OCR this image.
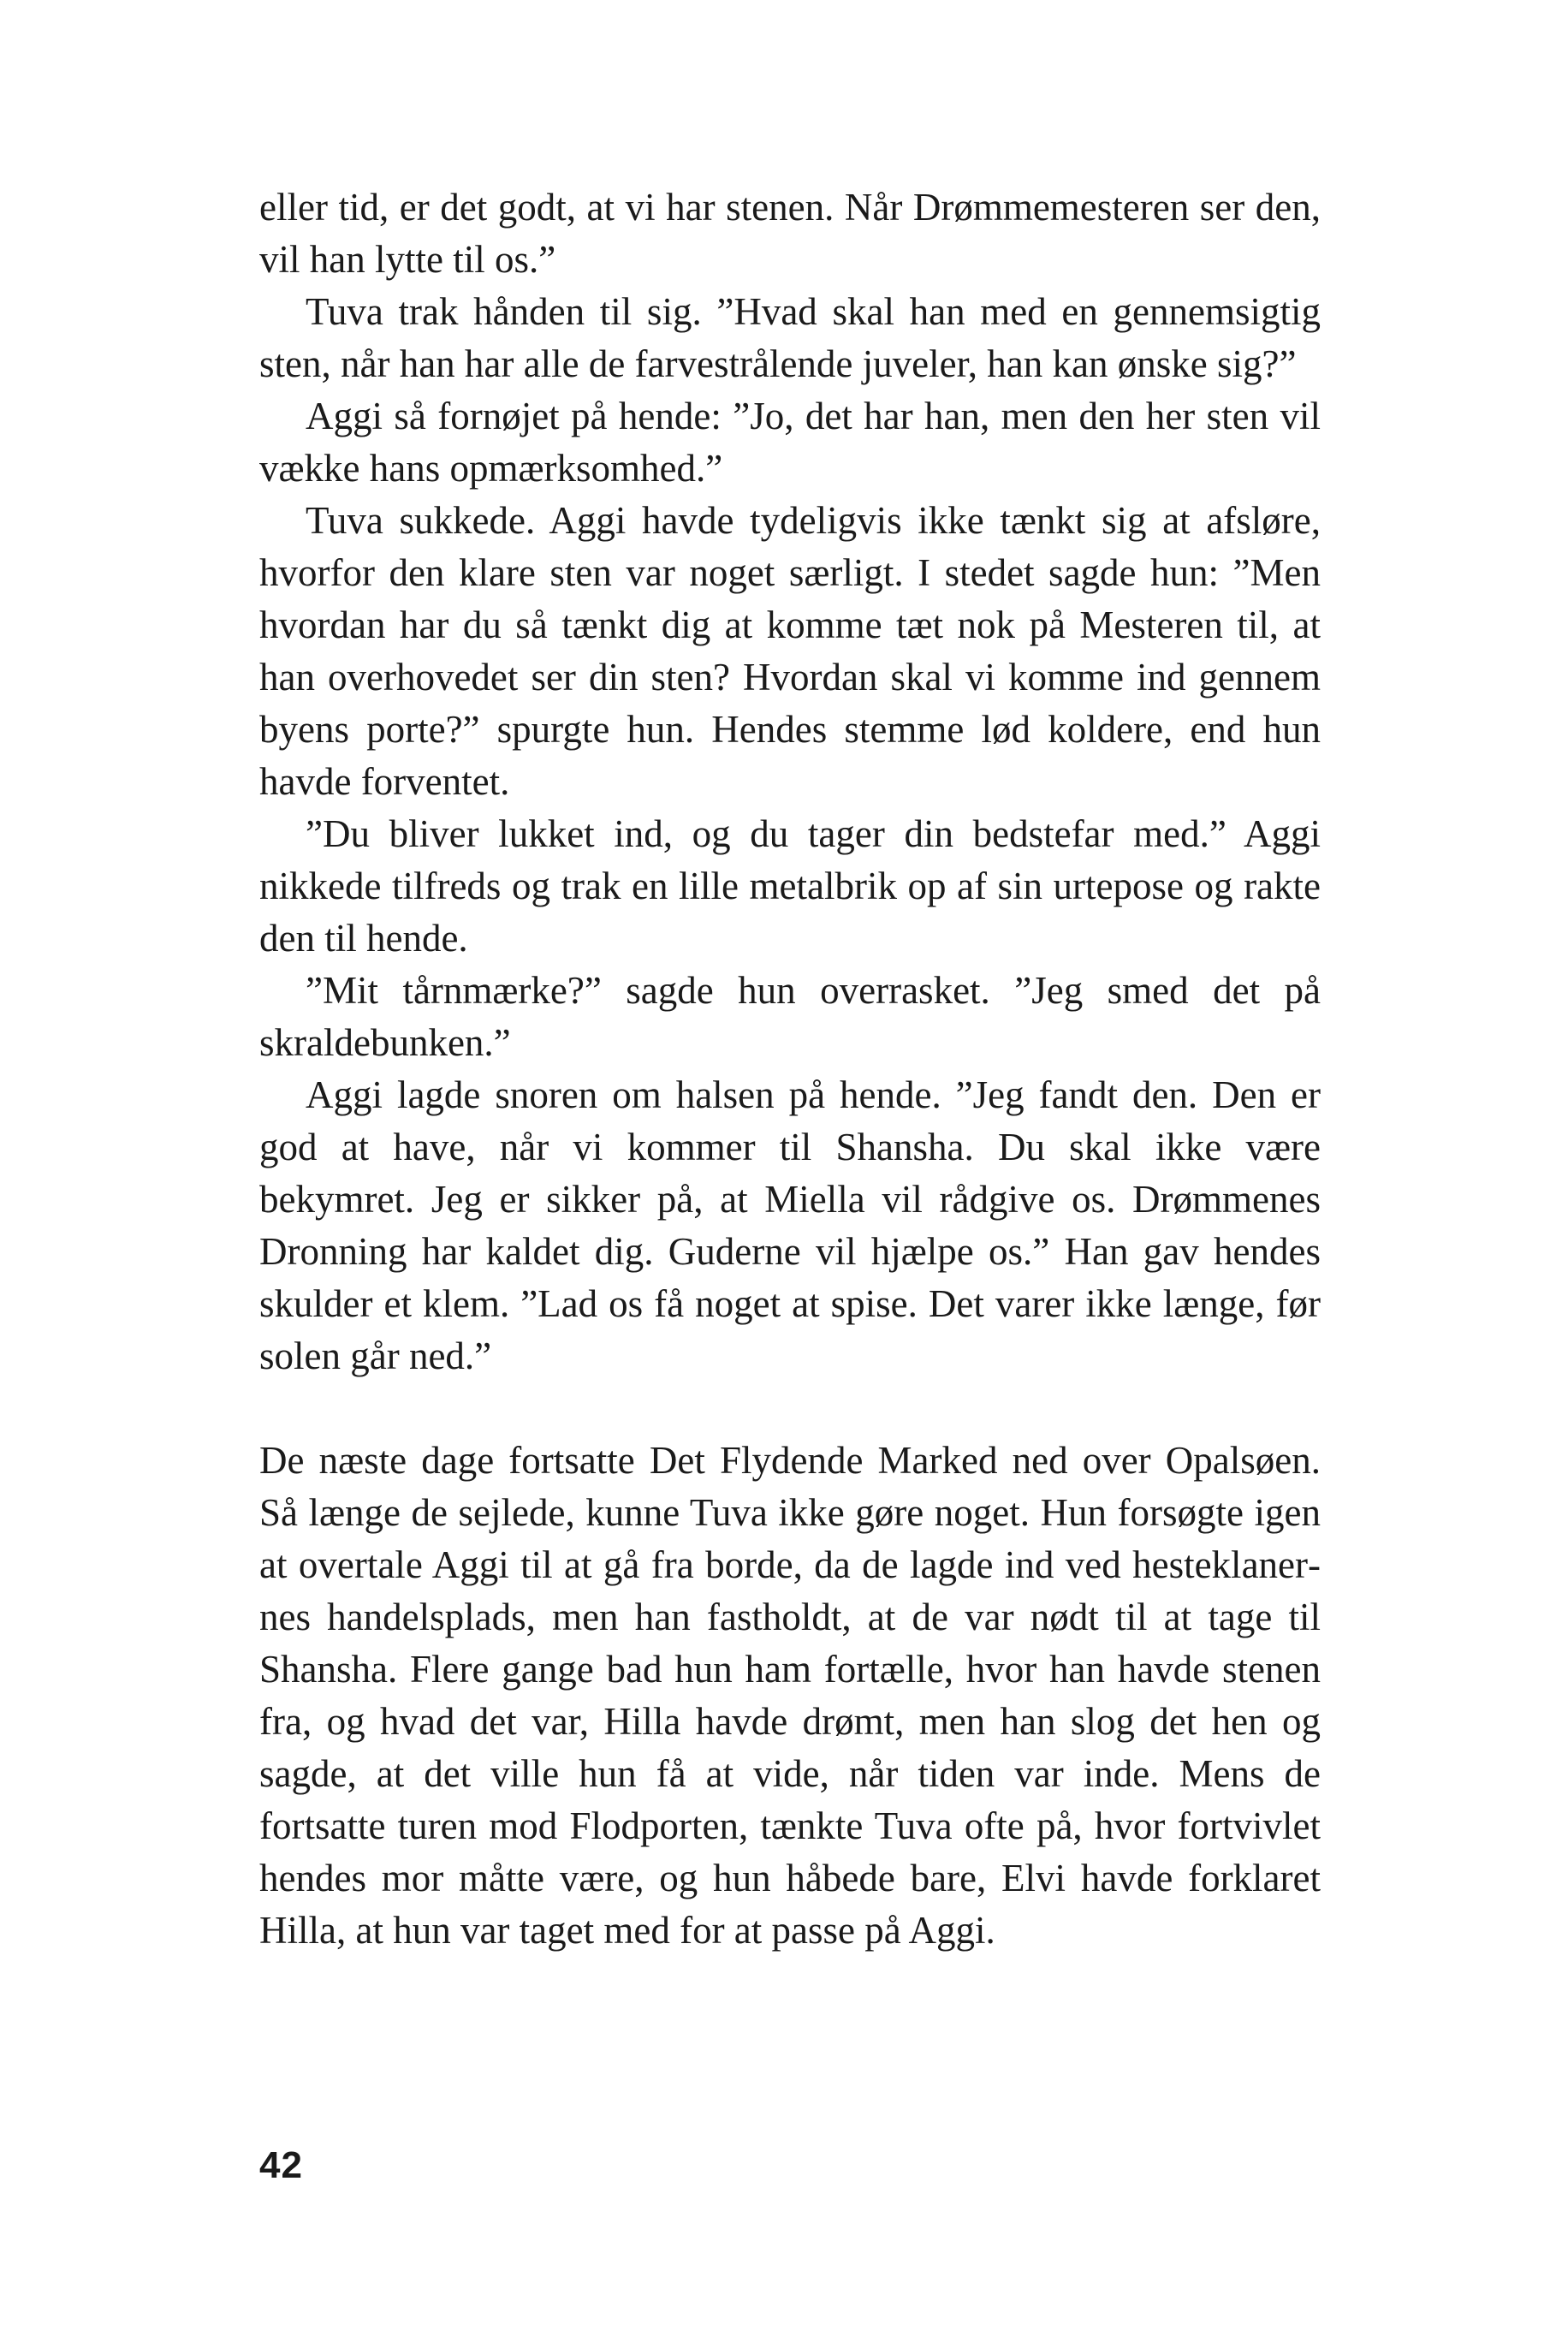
eller tid, er det godt, at vi har stenen. Når Drømmemesteren ser den, vil han lytte til os.”

Tuva trak hånden til sig. ”Hvad skal han med en gennemsigtig sten, når han har alle de farvestrålende juveler, han kan ønske sig?”

Aggi så fornøjet på hende: ”Jo, det har han, men den her sten vil vække hans opmærksomhed.”

Tuva sukkede. Aggi havde tydeligvis ikke tænkt sig at afsløre, hvorfor den klare sten var noget særligt. I stedet sagde hun: ”Men hvordan har du så tænkt dig at komme tæt nok på Mesteren til, at han overhovedet ser din sten? Hvordan skal vi komme ind gennem byens porte?” spurgte hun. Hendes stemme lød koldere, end hun havde forventet.

”Du bliver lukket ind, og du tager din bedstefar med.” Aggi nikkede tilfreds og trak en lille metalbrik op af sin urtepose og rakte den til hende.

”Mit tårnmærke?” sagde hun overrasket. ”Jeg smed det på skraldebunken.”

Aggi lagde snoren om halsen på hende. ”Jeg fandt den. Den er god at have, når vi kommer til Shansha. Du skal ikke være bekymret. Jeg er sikker på, at Miella vil rådgive os. Drømmenes Dronning har kaldet dig. Guderne vil hjælpe os.” Han gav hendes skulder et klem. ”Lad os få noget at spise. Det varer ikke længe, før solen går ned.”

De næste dage fortsatte Det Flydende Marked ned over Opalsøen. Så længe de sejlede, kunne Tuva ikke gøre noget. Hun forsøgte igen at overtale Aggi til at gå fra borde, da de lagde ind ved hesteklanernes handelsplads, men han fastholdt, at de var nødt til at tage til Shansha. Flere gange bad hun ham fortælle, hvor han havde stenen fra, og hvad det var, Hilla havde drømt, men han slog det hen og sagde, at det ville hun få at vide, når tiden var inde. Mens de fortsatte turen mod Flodporten, tænkte Tuva ofte på, hvor fortvivlet hendes mor måtte være, og hun håbede bare, Elvi havde forklaret Hilla, at hun var taget med for at passe på Aggi.

42
